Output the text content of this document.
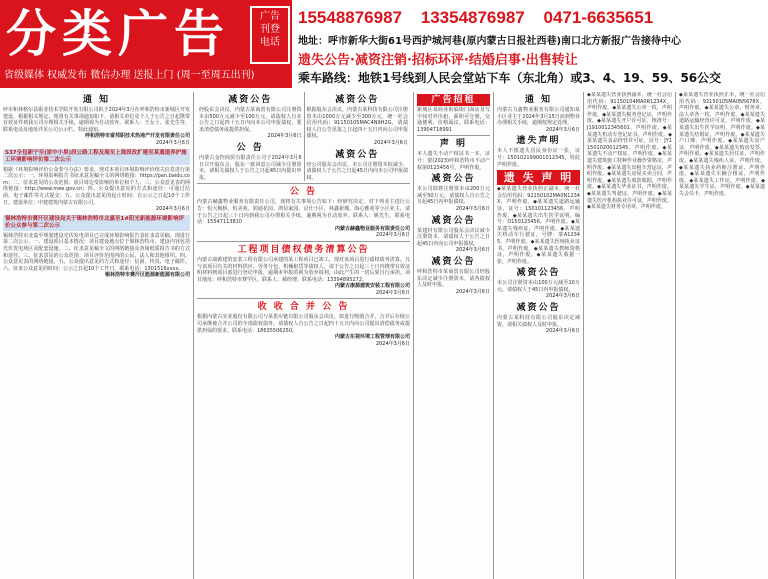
分类广告	广告
刊登
电话
省级媒体 权威发布 微信办理 送报上门 (周一至周五出刊)
15548876987 13354876987 0471-6635651
地址：呼市新华大街61号西护城河巷(原内蒙古日报社西巷)南口北方新报广告接待中心
遗失公告·减资注销·招标环评·结婚启事·出售转让
乘车路线：地铁1号线到人民会堂站下车（东北角）或3、4、19、59、56公交
通 知
呼市和林格尔县职业技术学院开发有限公司拟于2024年3月在呼和浩特市新城区开发建设，根据相关规定，现将有关事项通知如下，请相关单位及个人于公告之日起携带有效证件到我公司办理相关手续，逾期视为自动放弃。联系人：王女士、张先生等，联系电话及地址详见公司公示栏。特此通知。
呼和浩特市富邦职技术热地产开发有限责任公司
2024年3月6日
S37全包新宁至(原中小果)段公路工程及海至上海段改扩建至某通道养护施工环境影响评价第二次公示
根据《环境影响评价公众参与办法》要求，现对本项目环境影响评价相关信息进行第二次公示：一、环境影响报告书征求意见稿全文的网络链接：https://pan.baidu.com；二、征求意见的公众范围：项目周边受影响的单位和个人；三、公众意见表的网络链接：http://www.mee.gov.cn；四、公众提出意见的方式和途径：可通过信函、电子邮件等方式提交；五、公众提出意见的起止时间：自公示之日起10个工作日。建设单位：中建建筑内蒙古有限公司。
2024年3月6日
锡林浩特市赛汗区建设局关于锡林浩特市北嘉至1#阳光新能源环境影响评价公众参与第二次公示
锡林浩特市北嘉至规划建设光伏发电项目已完成环境影响报告表征求意见稿，现进行第二次公示。一、建设项目基本情况：项目建设地点位于锡林浩特市，建设内容包括光伏发电场区及配套设施。二、征求意见稿全文的网络链接及查阅纸质报告书的方式和途径。三、征求意见的公众范围：项目评价范围内的公民、法人和其他组织。四、公众意见表的网络链接。五、公众提出意见的方式和途径：信函、传真、电子邮件。六、征求公众意见的时间：公示之日起10个工作日。联系电话：1301516xxxx。
锡林浩特市赛汗区能源新能源有限公司
减资公告
经股东会决议，内蒙古某商贸有限公司注册资本由500万元减少至100万元，请债权人自本公告之日起四十五日内向本公司申报债权，要求清偿债务或提供担保。
2024年3月6日
公 告
内蒙古金控商贸有限责任公司于2024年3月6日召开股东会，股东一致同意公司减少注册资本，请相关债权人于公告之日起45日内提出申报。
减资公告
根据股东会决议，内蒙古某科技有限公司注册资本由1000万元减少至300万元，统一社会信用代码：91150105MAC4N9H2G，请债权人自公告见报之日起四十五日内向公司申报债权。
2024年3月6日
减资公告
经公司股东会决议，本公司注册资本拟减少，请债权人于公告之日起45日内向本公司申报债权。
公 告
内蒙古赫鑫物业服务有限责任公司，现将有关事项公告如下：经研究决定，对下列业主进行公告：恒大枫桥、恒美苑、润通花园、鸿信家园、京仕小区、林鑫新城、海心雅苑等小区业主，请于公告之日起三十日内到我公司办理相关手续，逾期视为自动放弃。联系人：姚先生，联系电话：15547113810
内蒙古赫鑫物业服务有限责任公司
2024年3月6日
工程项目债权债务清算公告
内蒙古康源建筑安装工程有限公司承建的某工程项目已竣工，现对该项目进行债权债务清算。凡与该项目有关的材料供应、劳务分包、机械租赁等债权人，请于公告之日起三十日内携带有效证明材料到项目部进行登记申报，逾期未申报的视为放弃权利，由此产生的一切后果自行承担。项目地址：呼和浩特市赛罕区。联系人：郝经理，联系电话：13394895272。
内蒙古康源建筑安装工程有限公司
2024年3月6日
收 收 合 并 公 告
根据内蒙古实业股份有限公司与某供应链有限公司股东会决议，拟进行吸收合并，合并后存续公司承继被合并公司的全部债权债务，请债权人自公告之日起四十五日内向公司提出清偿债务或提供担保的要求。联系电话：18635506250。
内蒙古东视环境工程管理有限公司
2024年3月6日
广告招租
新城区某商业街临街门面房及写字间对外出租，面积可分割，交通便利，价格面议。联系电话：13904718991
声 明
本人遗失不动产权证书一本，证号：蒙(2023)呼和浩特市不动产权第0123456号，声明作废。
减资公告
本公司拟将注册资本由200万元减至50万元，请债权人自公告之日起45日内申报债权。
2024年3月6日
减资公告
某建材有限公司股东会决议减少注册资本，请债权人于公告之日起45日内向公司申报债权。
2024年3月6日
减资公告
呼和浩特市某商贸有限公司经股东决定减少注册资本，请各债权人及时申报。
2024年3月6日
通 知
内蒙古力鑫物业服务有限公司通知某小区业主于2024年3月15日前到物业办理相关手续，逾期按规定处理。
2024年3月6日
遗失声明
本人不慎遗失居民身份证一张，证号：150102199001012345，特此声明作废。
遗 失 声 明
◆某某遗失营业执照正副本，统一社会信用代码：92150102MA0N1234X，声明作废。◆某某遗失道路运输证，证号：150101123456，声明作废。◆某某遗失出生医学证明，编号：O150123456，声明作废。◆某某遗失残疾证，声明作废。◆某某遗失机动车行驶证，号牌：蒙A12345，声明作废。◆某某遗失医师执业证书，声明作废。◆某某遗失教师资格证，声明作废。◆某某遗失收据一张，声明作废。
减资公告
本公司注册资本由100万元减至10万元，请债权人于45日内申报债权。
2024年3月6日
减资公告
内蒙古某科技有限公司股东决定减资，请相关债权人及时申报。
2024年3月6日
◆某某遗失营业执照副本，统一社会信用代码：91150104MA0R1234X，声明作废。◆某某遗失公章一枚，声明作废。◆某某遗失税务登记证，声明作废。◆某某遗失开户许可证，核准号：J1910012345601，声明作废。◆某某遗失机动车登记证书，声明作废。◆某某遗失食品经营许可证，证号：JY11501020012345，声明作废。◆某某遗失不动产权证，声明作废。◆某某遗失建筑施工特种作业操作资格证，声明作废。◆某某遗失出租车营运证，声明作废。◆某某遗失房屋买卖合同，声明作废。◆某某遗失收款收据，声明作废。◆某某遗失毕业证书，声明作废。◆某某遗失驾驶证，声明作废。◆某某遗失医疗机构执业许可证，声明作废。◆某某遗失财务专用章，声明作废。
◆某某遗失营业执照正本，统一社会信用代码：92150105MA0N5678X，声明作废。◆某某遗失公章、财务章、法人章各一枚，声明作废。◆某某遗失道路运输经营许可证，声明作废。◆某某遗失出生医学证明，声明作废。◆某某遗失结婚证，声明作废。◆某某遗失户口簿，声明作废。◆某某遗失房产证，声明作废。◆某某遗失购房发票，声明作废。◆某某遗失居住证，声明作废。◆某某遗失残疾人证，声明作废。◆某某遗失执业药师注册证，声明作废。◆某某遗失车辆合格证，声明作废。◆某某遗失工作证，声明作废。◆某某遗失学生证，声明作废。◆某某遗失会员卡，声明作废。
